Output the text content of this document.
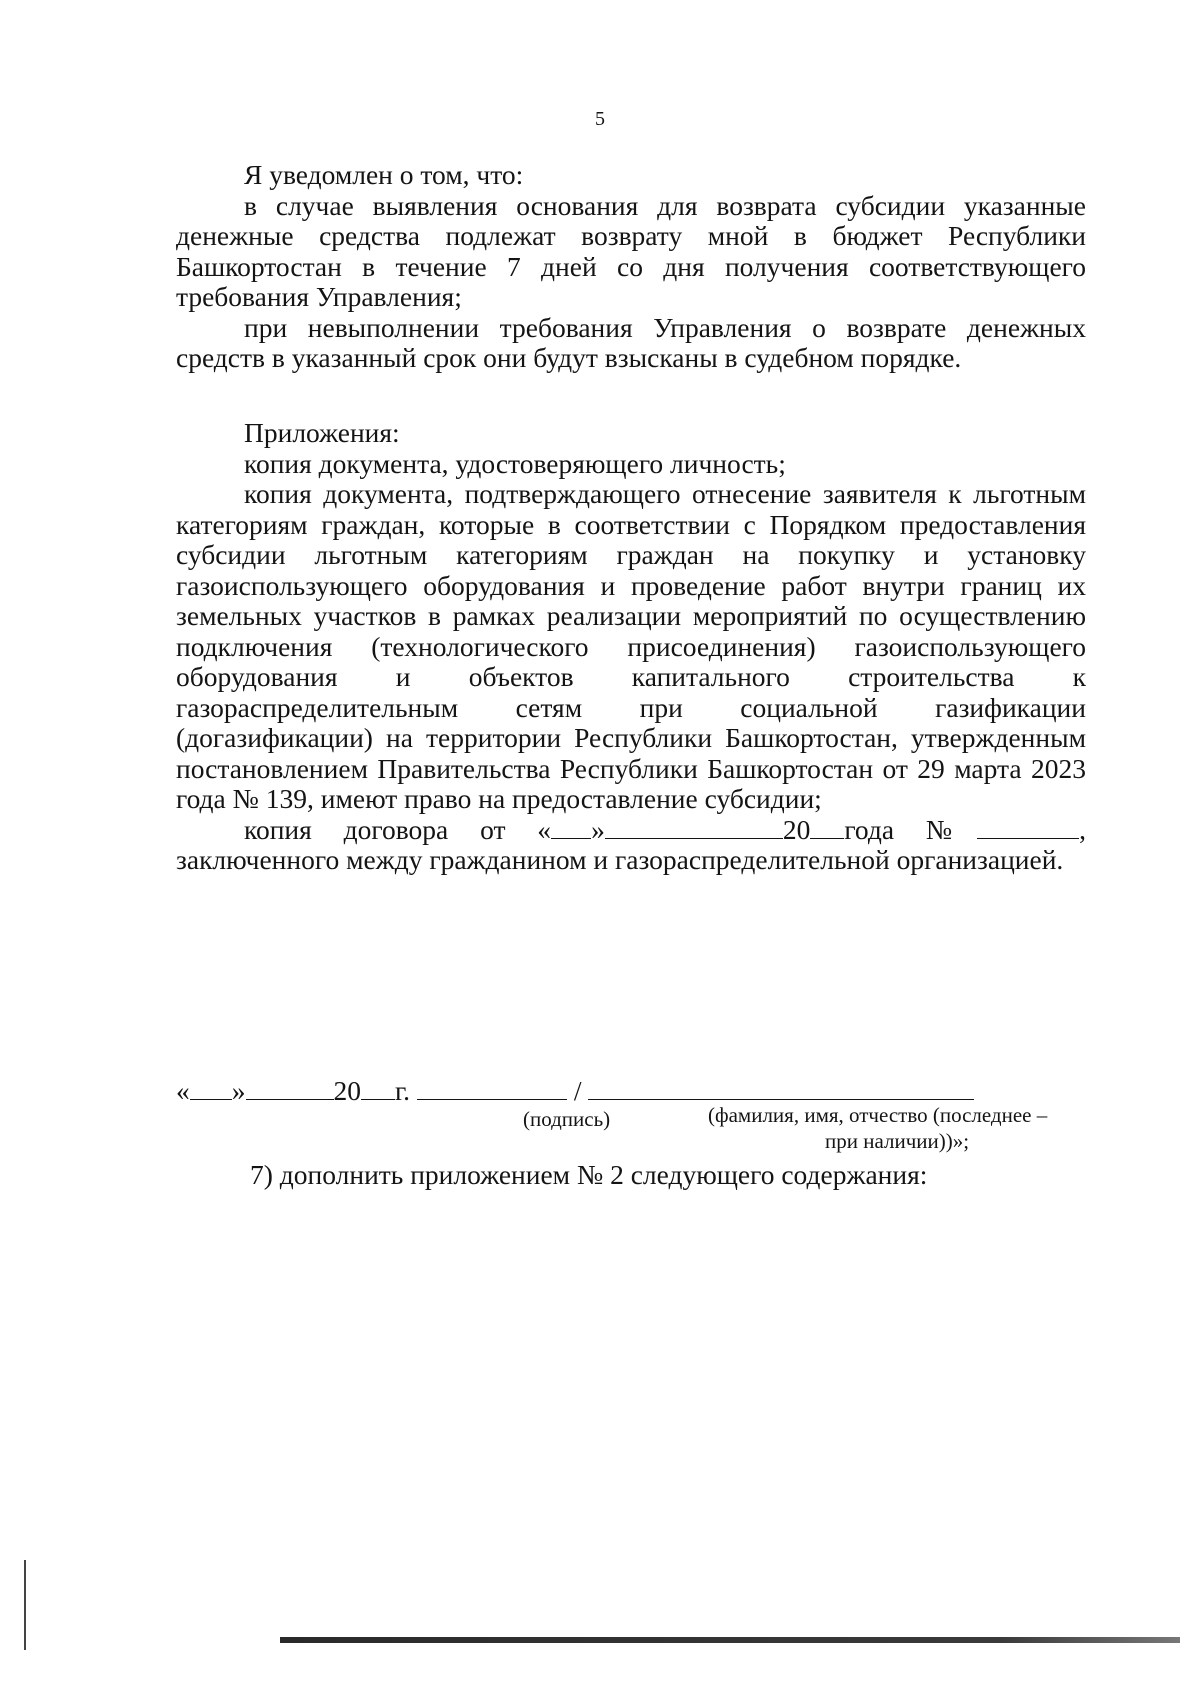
5

Я уведомлен о том, что:

в случае выявления основания для возврата субсидии указанные денежные средства подлежат возврату мной в бюджет Республики Башкортостан в течение 7 дней со дня получения соответствующего требования Управления;

при невыполнении требования Управления о возврате денежных средств в указанный срок они будут взысканы в судебном порядке.

Приложения:

копия документа, удостоверяющего личность;

копия документа, подтверждающего отнесение заявителя к льготным категориям граждан, которые в соответствии с Порядком предоставления субсидии льготным категориям граждан на покупку и установку газоиспользующего оборудования и проведение работ внутри границ их земельных участков в рамках реализации мероприятий по осуществлению подключения (технологического присоединения) газоиспользующего оборудования и объектов капитального строительства к газораспределительным сетям при социальной газификации (догазификации) на территории Республики Башкортостан, утвержденным постановлением Правительства Республики Башкортостан от 29 марта 2023 года № 139, имеют право на предоставление субсидии;

копия договора от « »	20 года №	,

заключенного между гражданином и газораспределительной организацией.

« »	20 г.	/
(подпись)	(фамилия, имя, отчество (последнее –
при наличии))»;
7) дополнить приложением № 2 следующего содержания:
